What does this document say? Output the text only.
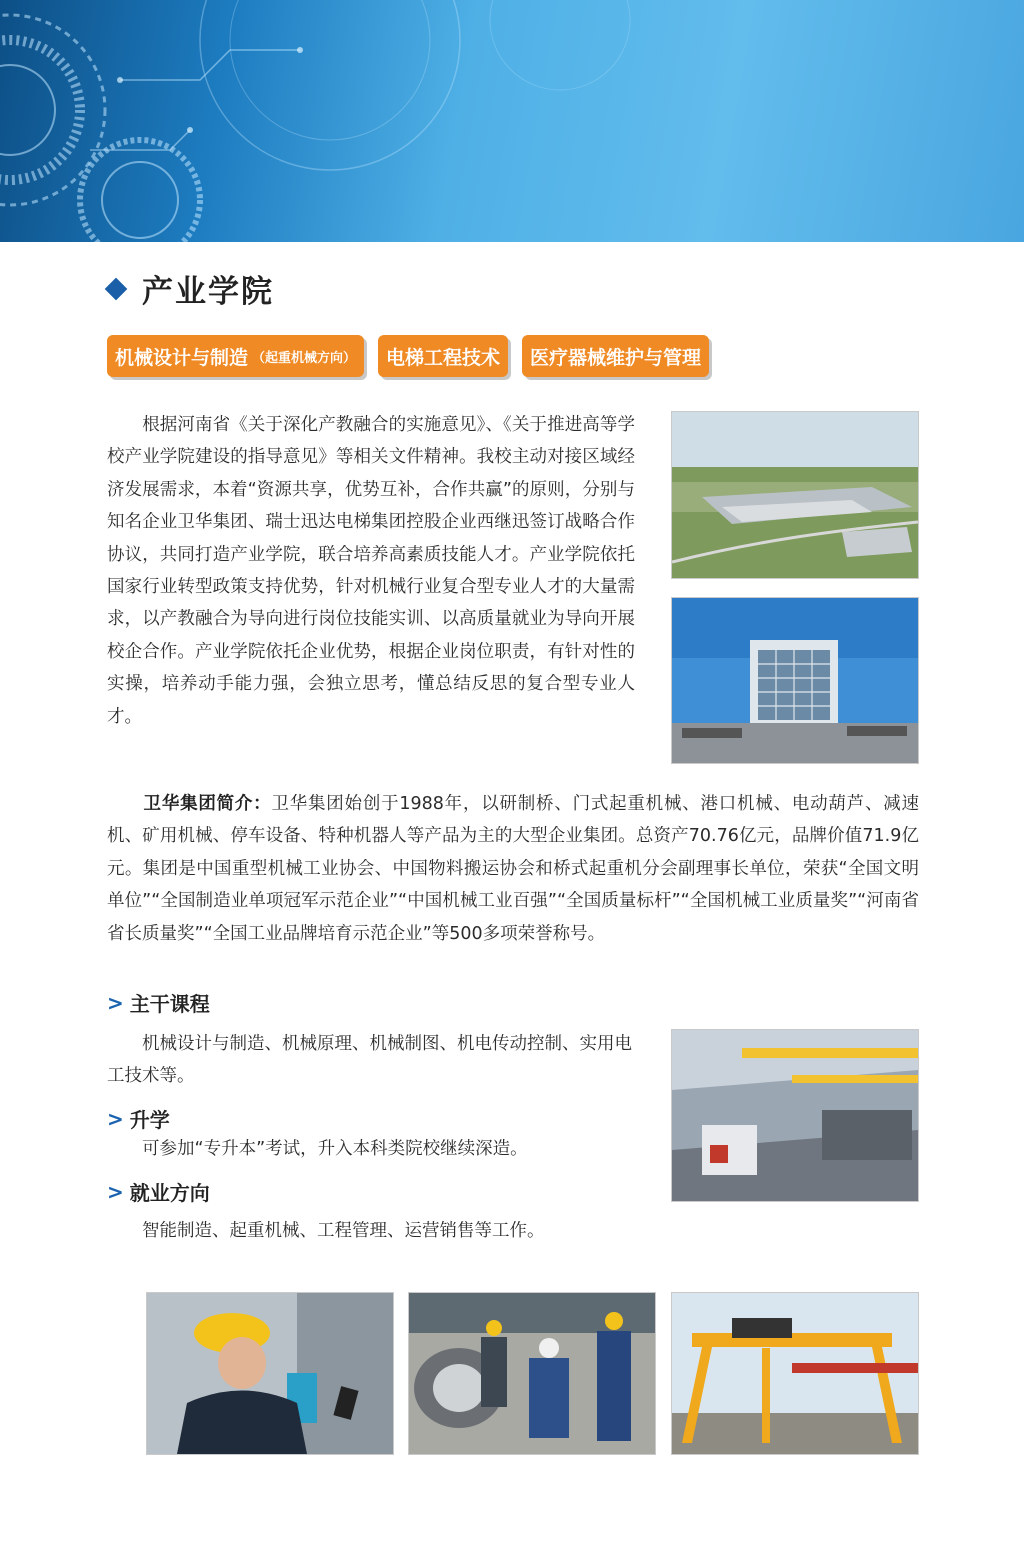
产业学院
机械设计与制造 （起重机械方向） 电梯工程技术 医疗器械维护与管理

　　根据河南省《关于深化产教融合的实施意见》、《关于推进高等学校产业学院建设的指导意见》等相关文件精神。我校主动对接区域经济发展需求，本着“资源共享，优势互补，合作共赢”的原则，分别与知名企业卫华集团、瑞士迅达电梯集团控股企业西继迅签订战略合作协议，共同打造产业学院，联合培养高素质技能人才。产业学院依托国家行业转型政策支持优势，针对机械行业复合型专业人才的大量需求，以产教融合为导向进行岗位技能实训、以高质量就业为导向开展校企合作。产业学院依托企业优势，根据企业岗位职责，有针对性的实操，培养动手能力强，会独立思考，懂总结反思的复合型专业人才。

　　卫华集团简介：卫华集团始创于1988年，以研制桥、门式起重机械、港口机械、电动葫芦、减速机、矿用机械、停车设备、特种机器人等产品为主的大型企业集团。总资产70.76亿元，品牌价值71.9亿元。集团是中国重型机械工业协会、中国物料搬运协会和桥式起重机分会副理事长单位，荣获“全国文明单位”“全国制造业单项冠军示范企业”“中国机械工业百强”“全国质量标杆”“全国机械工业质量奖”“河南省省长质量奖”“全国工业品牌培育示范企业”等500多项荣誉称号。

> 主干课程

　　机械设计与制造、机械原理、机械制图、机电传动控制、实用电工技术等。

> 升学

　　可参加“专升本”考试，升入本科类院校继续深造。

> 就业方向

　　智能制造、起重机械、工程管理、运营销售等工作。
